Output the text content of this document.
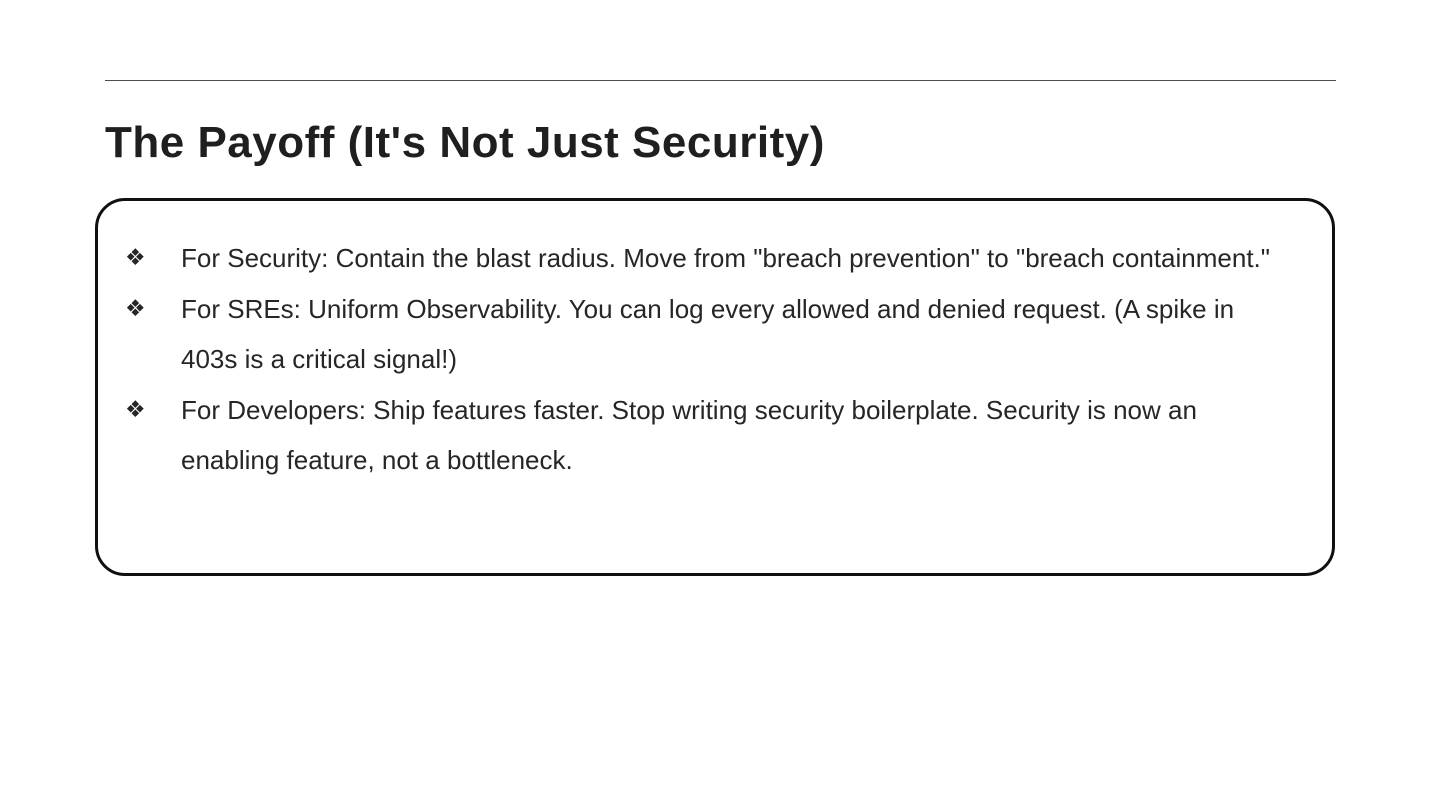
The Payoff (It's Not Just Security)
❖	For Security: Contain the blast radius. Move from "breach prevention" to "breach containment."
❖	For SREs: Uniform Observability. You can log every allowed and denied request. (A spike in 403s is a critical signal!)
❖	For Developers: Ship features faster. Stop writing security boilerplate. Security is now an enabling feature, not a bottleneck.
